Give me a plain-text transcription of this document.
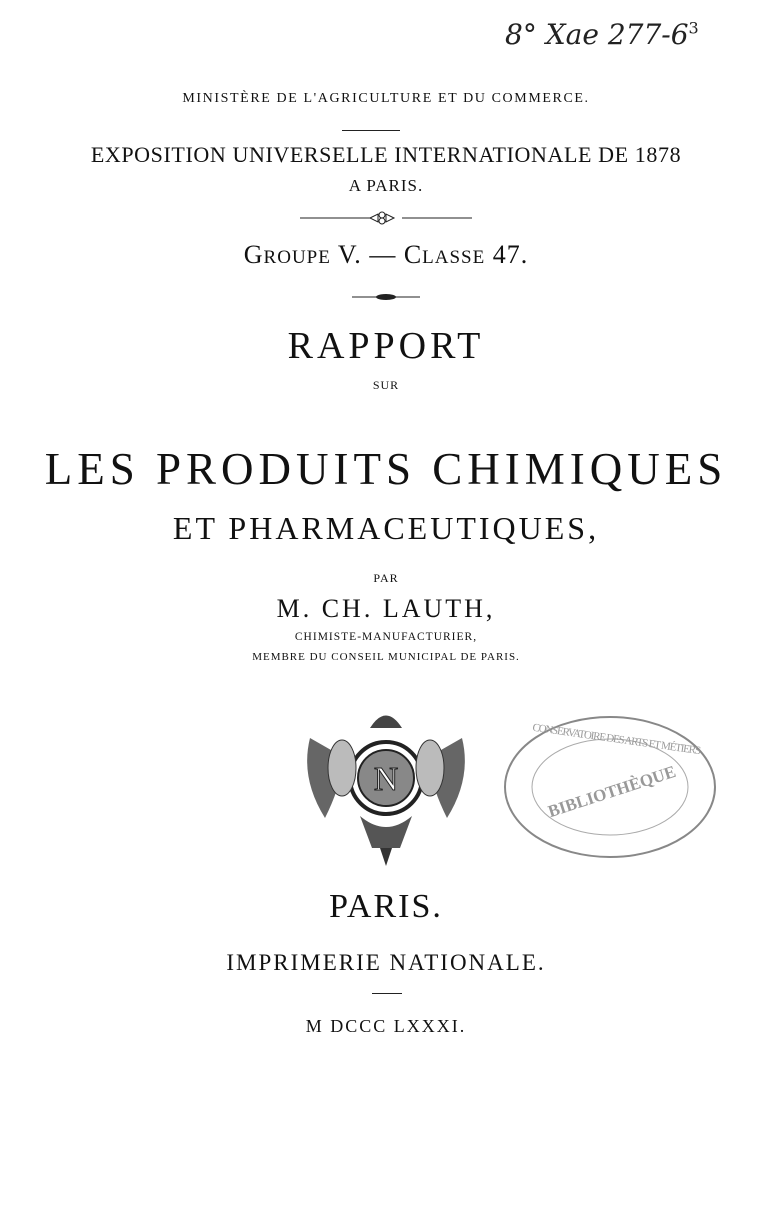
8° Xae $277-6^3$
MINISTÈRE DE L'AGRICULTURE ET DU COMMERCE.
EXPOSITION UNIVERSELLE INTERNATIONALE DE 1878
A PARIS.
GROUPE V. — CLASSE 47.
RAPPORT
SUR
LES PRODUITS CHIMIQUES
ET PHARMACEUTIQUES,
PAR
M. CH. LAUTH,
CHIMISTE-MANUFACTURIER,
MEMBRE DU CONSEIL MUNICIPAL DE PARIS.
N
CONSERVATOIRE DES ARTS ET MÉTIERS
BIBLIOTHÈQUE
PARIS.
IMPRIMERIE NATIONALE.
M DCCC LXXXI.
